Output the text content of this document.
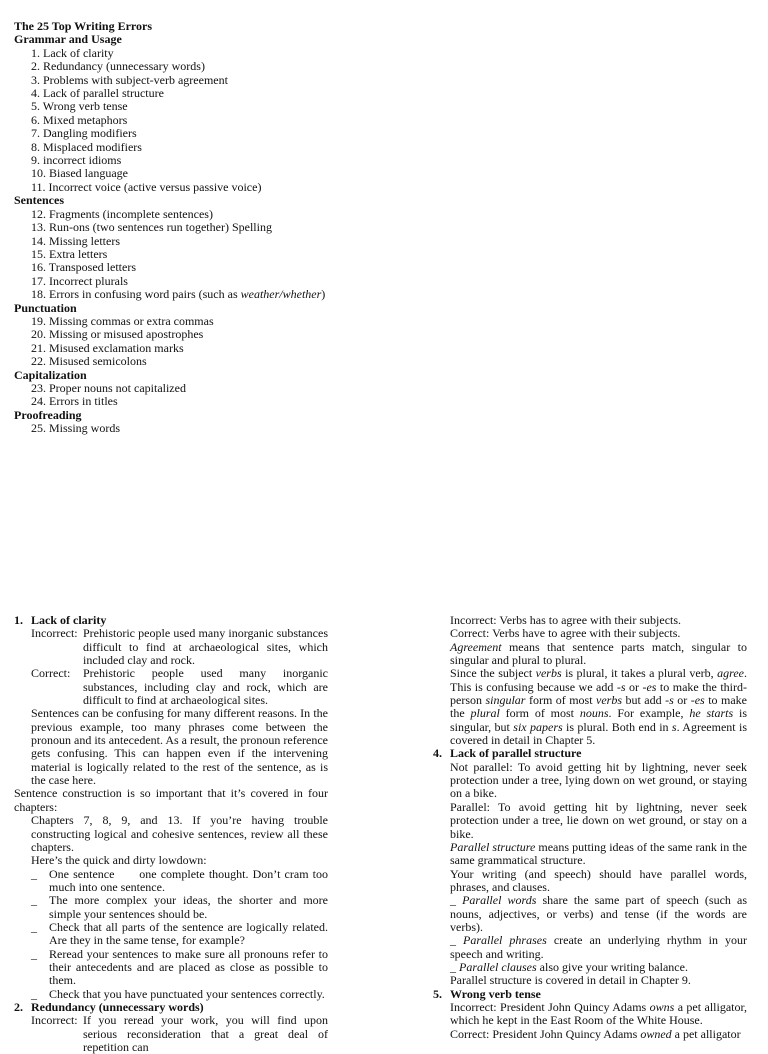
The 25 Top Writing Errors
Grammar and Usage
1. Lack of clarity
2. Redundancy (unnecessary words)
3. Problems with subject-verb agreement
4. Lack of parallel structure
5. Wrong verb tense
6. Mixed metaphors
7. Dangling modifiers
8. Misplaced modifiers
9. incorrect idioms
10. Biased language
11. Incorrect voice (active versus passive voice)
Sentences
12. Fragments (incomplete sentences)
13. Run-ons (two sentences run together) Spelling
14. Missing letters
15. Extra letters
16. Transposed letters
17. Incorrect plurals
18. Errors in confusing word pairs (such as weather/whether)
Punctuation
19. Missing commas or extra commas
20. Missing or misused apostrophes
21. Misused exclamation marks
22. Misused semicolons
Capitalization
23. Proper nouns not capitalized
24. Errors in titles
Proofreading
25. Missing words
1. Lack of clarity
Incorrect: Prehistoric people used many inorganic substances difficult to find at archaeological sites, which included clay and rock.
Correct:	Prehistoric people used many inorganic substances, including clay and rock, which are difficult to find at archaeological sites.
Sentences can be confusing for many different reasons. In the previous example, too many phrases come between the pronoun and its antecedent. As a result, the pronoun reference gets confusing. This can happen even if the intervening material is logically related to the rest of the sentence, as is the case here.
Sentence construction is so important that it’s covered in four chapters:
Chapters 7, 8, 9, and 13. If you’re having trouble constructing logical and cohesive sentences, review all these chapters.
Here’s the quick and dirty lowdown:
_	One sentence      one complete thought. Don’t cram too much into one sentence.
_	The more complex your ideas, the shorter and more simple your sentences should be.
_	Check that all parts of the sentence are logically related. Are they in the same tense, for example?
_	Reread your sentences to make sure all pronouns refer to their antecedents and are placed as close as possible to them.
_	Check that you have punctuated your sentences correctly.
2. Redundancy (unnecessary words)
Incorrect: If you reread your work, you will find upon serious reconsideration that a great deal of repetition can
Incorrect: Verbs has to agree with their subjects.
Correct: Verbs have to agree with their subjects.
Agreement means that sentence parts match, singular to singular and plural to plural.
Since the subject verbs is plural, it takes a plural verb, agree. This is confusing because we add -s or -es to make the third-person singular form of most verbs but add -s or -es to make the plural form of most nouns. For example, he starts is singular, but six papers is plural. Both end in s. Agreement is covered in detail in Chapter 5.
4. Lack of parallel structure
Not parallel: To avoid getting hit by lightning, never seek protection under a tree, lying down on wet ground, or staying on a bike.
Parallel: To avoid getting hit by lightning, never seek protection under a tree, lie down on wet ground, or stay on a bike.
Parallel structure means putting ideas of the same rank in the same grammatical structure.
Your writing (and speech) should have parallel words, phrases, and clauses.
_ Parallel words share the same part of speech (such as nouns, adjectives, or verbs) and tense (if the words are verbs).
_ Parallel phrases create an underlying rhythm in your speech and writing.
_ Parallel clauses also give your writing balance.
Parallel structure is covered in detail in Chapter 9.
5. Wrong verb tense
Incorrect: President John Quincy Adams owns a pet alligator, which he kept in the East Room of the White House.
Correct: President John Quincy Adams owned a pet alligator
